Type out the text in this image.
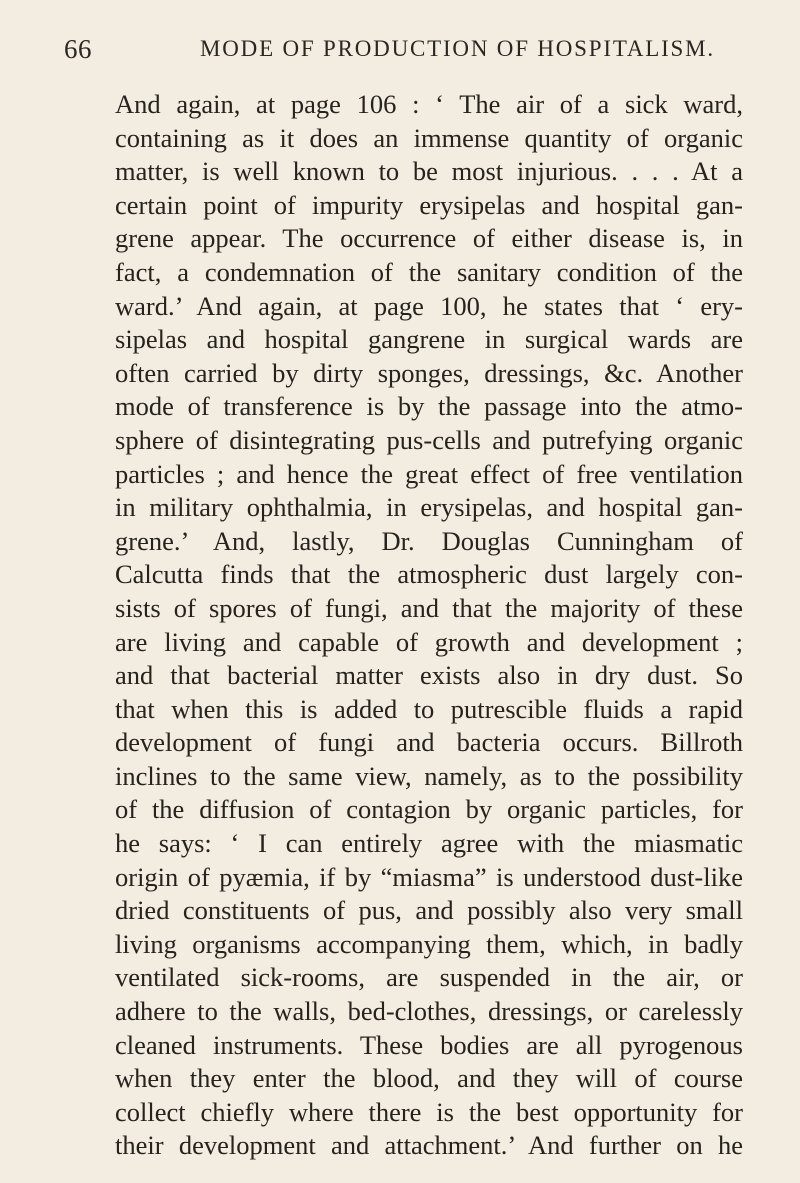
66	MODE OF PRODUCTION OF HOSPITALISM.
And again, at page 106 : ‘ The air of a sick ward,
containing as it does an immense quantity of organic
matter, is well known to be most injurious. . . . At a
certain point of impurity erysipelas and hospital gan-
grene appear. The occurrence of either disease is, in
fact, a condemnation of the sanitary condition of the
ward.’ And again, at page 100, he states that ‘ ery-
sipelas and hospital gangrene in surgical wards are
often carried by dirty sponges, dressings, &c. Another
mode of transference is by the passage into the atmo-
sphere of disintegrating pus-cells and putrefying organic
particles ; and hence the great effect of free ventilation
in military ophthalmia, in erysipelas, and hospital gan-
grene.’ And, lastly, Dr. Douglas Cunningham of
Calcutta finds that the atmospheric dust largely con-
sists of spores of fungi, and that the majority of these
are living and capable of growth and development ;
and that bacterial matter exists also in dry dust. So
that when this is added to putrescible fluids a rapid
development of fungi and bacteria occurs. Billroth
inclines to the same view, namely, as to the possibility
of the diffusion of contagion by organic particles, for
he says: ‘ I can entirely agree with the miasmatic
origin of pyæmia, if by “miasma” is understood dust-like
dried constituents of pus, and possibly also very small
living organisms accompanying them, which, in badly
ventilated sick-rooms, are suspended in the air, or
adhere to the walls, bed-clothes, dressings, or carelessly
cleaned instruments. These bodies are all pyrogenous
when they enter the blood, and they will of course
collect chiefly where there is the best opportunity for
their development and attachment.’ And further on he
